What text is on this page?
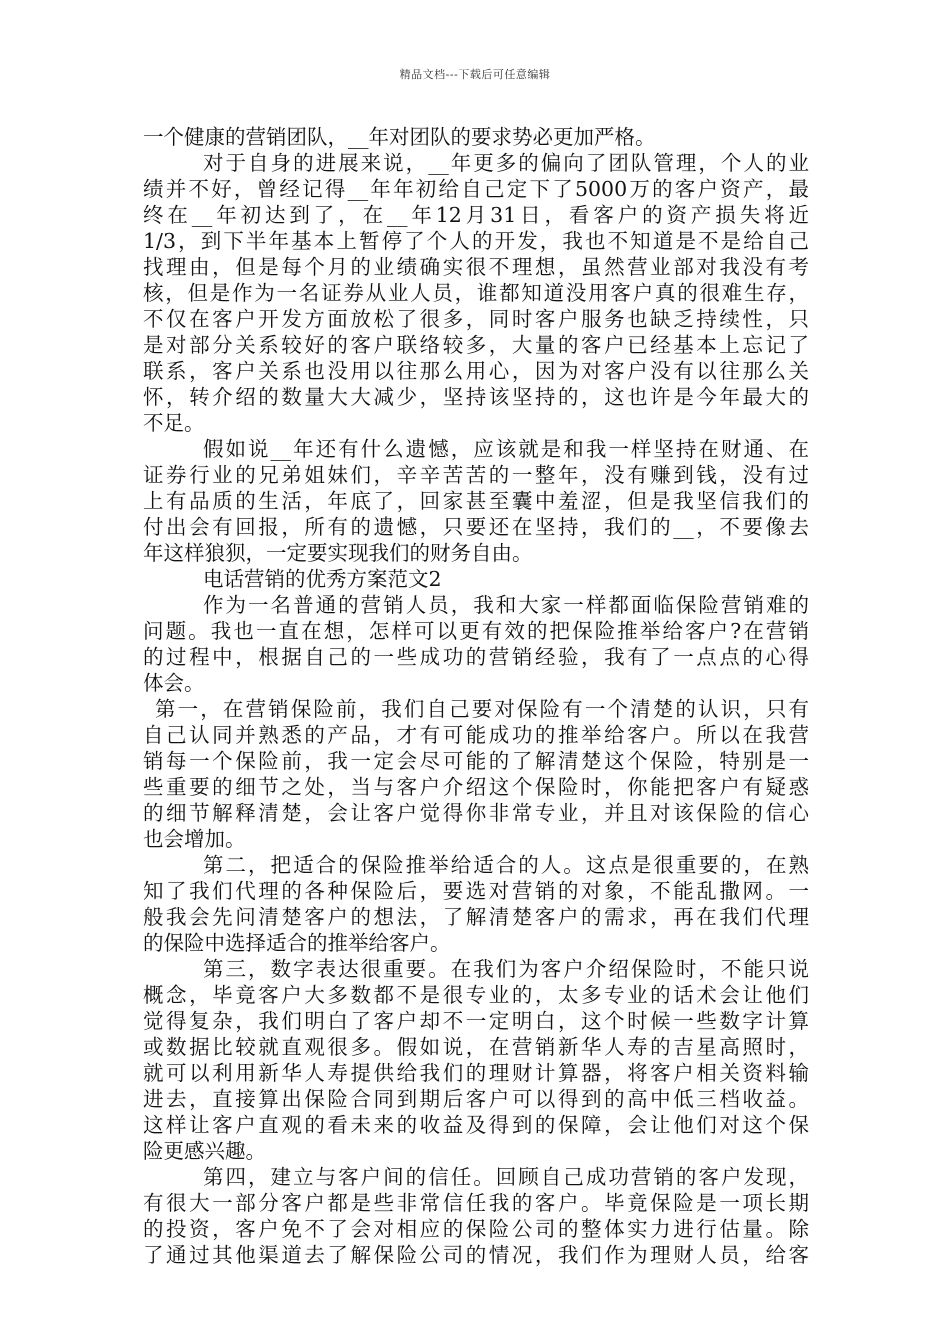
精品文档---下载后可任意编辑
一个健康的营销团队，__年对团队的要求势必更加严格。
对于自身的进展来说，__年更多的偏向了团队管理，个人的业
绩并不好，曾经记得__年年初给自己定下了5000万的客户资产，最
终在__年初达到了，在__年12月31日，看客户的资产损失将近
1/3，到下半年基本上暂停了个人的开发，我也不知道是不是给自己
找理由，但是每个月的业绩确实很不理想，虽然营业部对我没有考
核，但是作为一名证券从业人员，谁都知道没用客户真的很难生存，
不仅在客户开发方面放松了很多，同时客户服务也缺乏持续性，只
是对部分关系较好的客户联络较多，大量的客户已经基本上忘记了
联系，客户关系也没用以往那么用心，因为对客户没有以往那么关
怀，转介绍的数量大大减少，坚持该坚持的，这也许是今年最大的
不足。
假如说__年还有什么遗憾，应该就是和我一样坚持在财通、在
证券行业的兄弟姐妹们，辛辛苦苦的一整年，没有赚到钱，没有过
上有品质的生活，年底了，回家甚至囊中羞涩，但是我坚信我们的
付出会有回报，所有的遗憾，只要还在坚持，我们的__，不要像去
年这样狼狈，一定要实现我们的财务自由。
电话营销的优秀方案范文2
作为一名普通的营销人员，我和大家一样都面临保险营销难的
问题。我也一直在想，怎样可以更有效的把保险推举给客户?在营销
的过程中，根据自己的一些成功的营销经验，我有了一点点的心得
体会。
第一，在营销保险前，我们自己要对保险有一个清楚的认识，只有
自己认同并熟悉的产品，才有可能成功的推举给客户。所以在我营
销每一个保险前，我一定会尽可能的了解清楚这个保险，特别是一
些重要的细节之处，当与客户介绍这个保险时，你能把客户有疑惑
的细节解释清楚，会让客户觉得你非常专业，并且对该保险的信心
也会增加。
第二，把适合的保险推举给适合的人。这点是很重要的，在熟
知了我们代理的各种保险后，要选对营销的对象，不能乱撒网。一
般我会先问清楚客户的想法，了解清楚客户的需求，再在我们代理
的保险中选择适合的推举给客户。
第三，数字表达很重要。在我们为客户介绍保险时，不能只说
概念，毕竟客户大多数都不是很专业的，太多专业的话术会让他们
觉得复杂，我们明白了客户却不一定明白，这个时候一些数字计算
或数据比较就直观很多。假如说，在营销新华人寿的吉星高照时，
就可以利用新华人寿提供给我们的理财计算器，将客户相关资料输
进去，直接算出保险合同到期后客户可以得到的高中低三档收益。
这样让客户直观的看未来的收益及得到的保障，会让他们对这个保
险更感兴趣。
第四，建立与客户间的信任。回顾自己成功营销的客户发现，
有很大一部分客户都是些非常信任我的客户。毕竟保险是一项长期
的投资，客户免不了会对相应的保险公司的整体实力进行估量。除
了通过其他渠道去了解保险公司的情况，我们作为理财人员，给客
